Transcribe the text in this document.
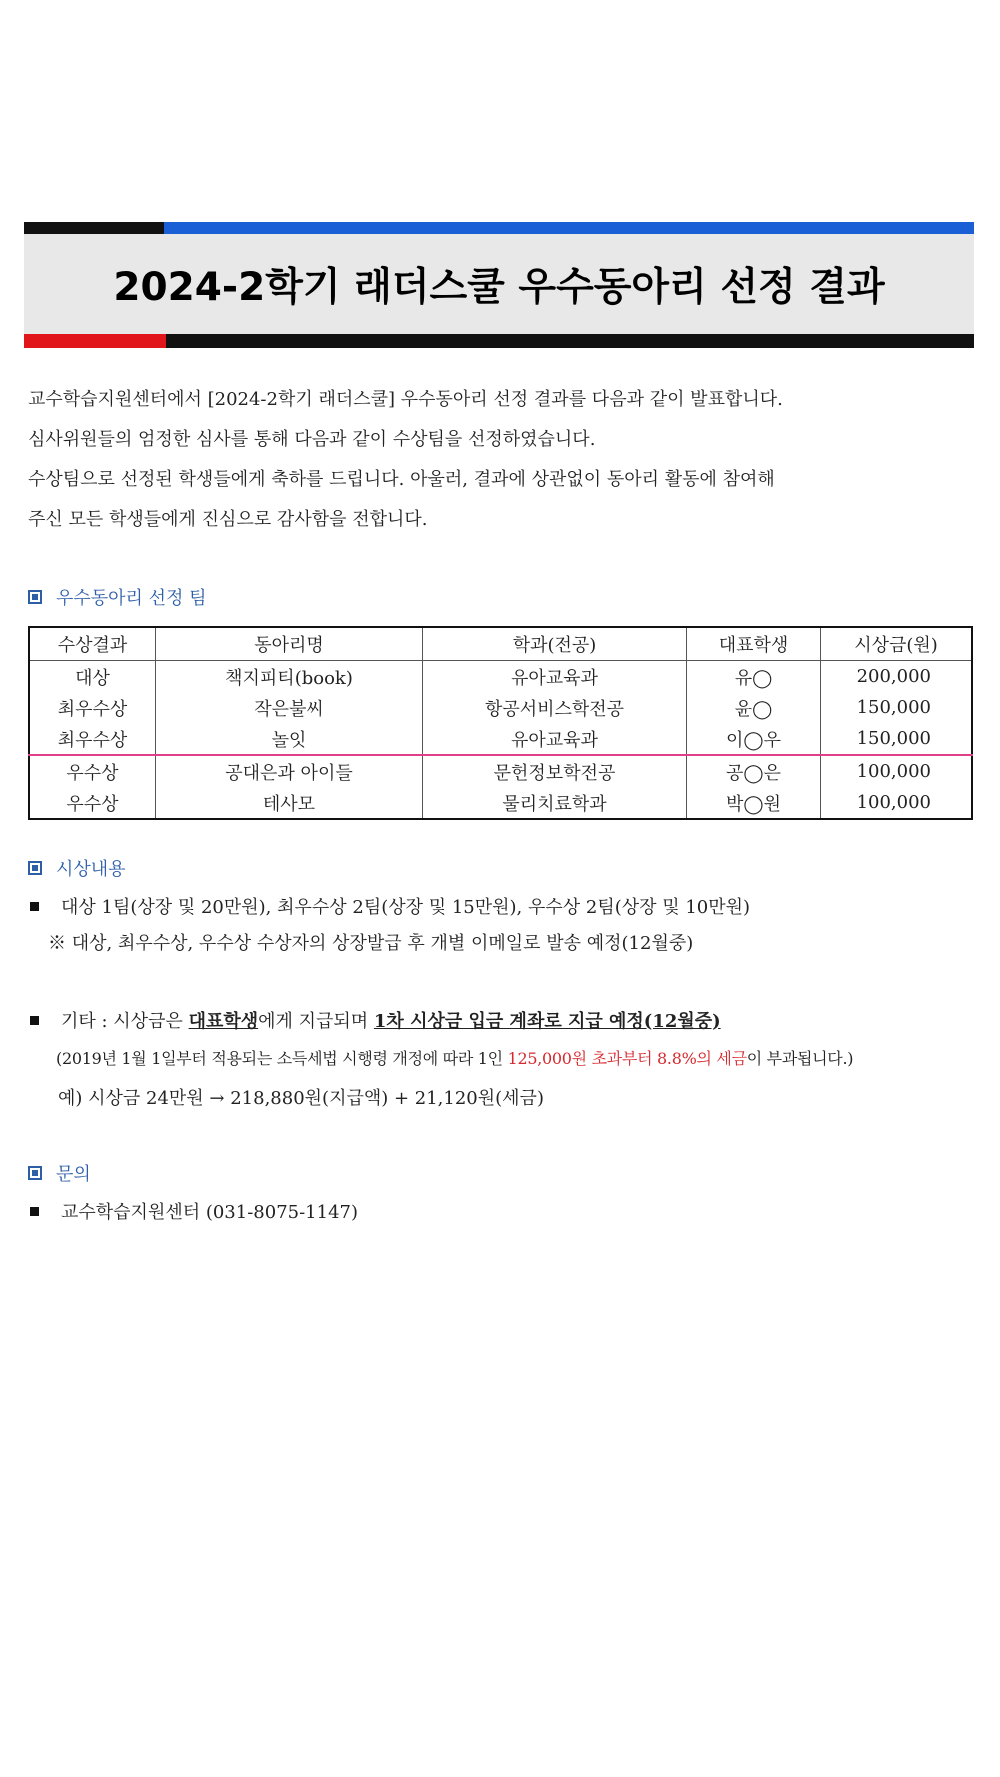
2024-2학기 래더스쿨 우수동아리 선정 결과

교수학습지원센터에서 [2024-2학기 래더스쿨] 우수동아리 선정 결과를 다음과 같이 발표합니다.

심사위원들의 엄정한 심사를 통해 다음과 같이 수상팀을 선정하였습니다.

수상팀으로 선정된 학생들에게 축하를 드립니다. 아울러, 결과에 상관없이 동아리 활동에 참여해

주신 모든 학생들에게 진심으로 감사함을 전합니다.

우수동아리 선정 팀
수상결과	동아리명	학과(전공)	대표학생	시상금(원)
대상	책지피티(book)	유아교육과	유◯	200,000
최우수상	작은불씨	항공서비스학전공	윤◯	150,000
최우수상	놀잇	유아교육과	이◯우	150,000
우수상	공대은과 아이들	문헌정보학전공	공◯은	100,000
우수상	테사모	물리치료학과	박◯원	100,000
시상내용
대상 1팀(상장 및 20만원), 최우수상 2팀(상장 및 15만원), 우수상 2팀(상장 및 10만원)
※ 대상, 최우수상, 우수상 수상자의 상장발급 후 개별 이메일로 발송 예정(12월중)
기타 : 시상금은 대표학생에게 지급되며 1차 시상금 입금 계좌로 지급 예정(12월중)
(2019년 1월 1일부터 적용되는 소득세법 시행령 개정에 따라 1인 125,000원 초과부터 8.8%의 세금이 부과됩니다.)
예) 시상금 24만원 → 218,880원(지급액) + 21,120원(세금)
문의
교수학습지원센터 (031-8075-1147)
